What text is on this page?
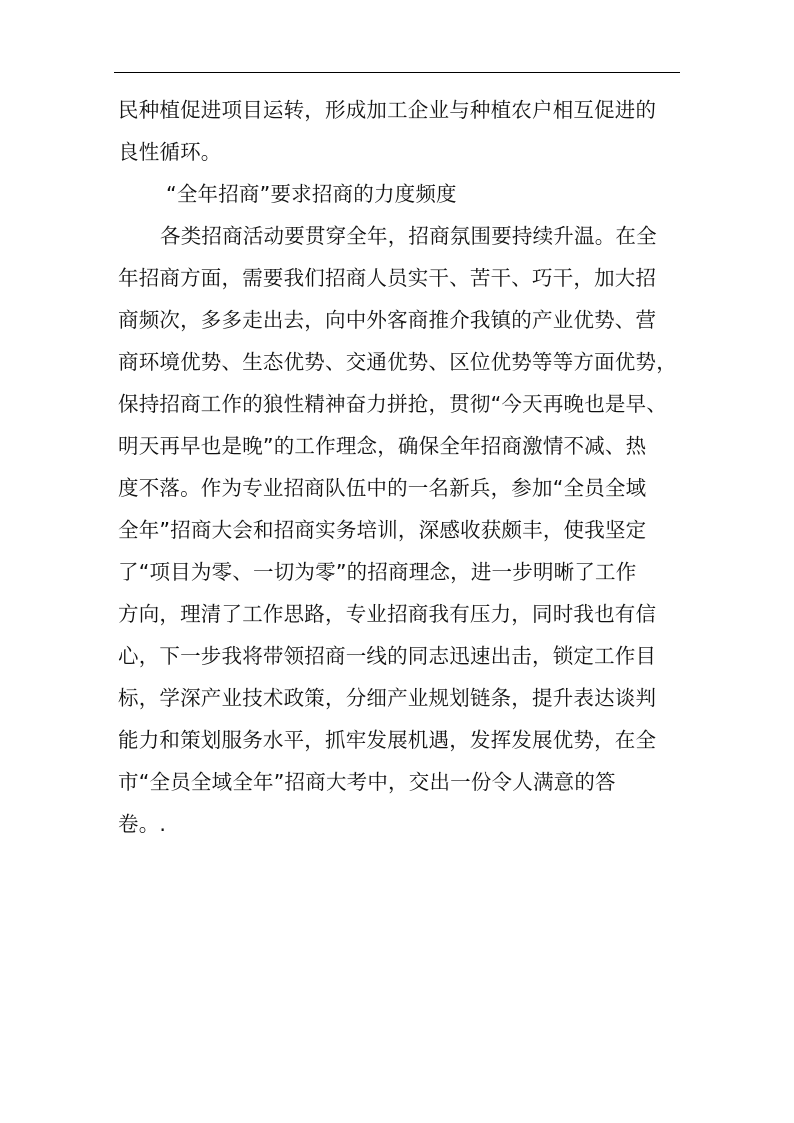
民种植促进项目运转，形成加工企业与种植农户相互促进的
良性循环。
“全年招商”要求招商的力度频度
各类招商活动要贯穿全年，招商氛围要持续升温。在全
年招商方面，需要我们招商人员实干、苦干、巧干，加大招
商频次，多多走出去，向中外客商推介我镇的产业优势、营
商环境优势、生态优势、交通优势、区位优势等等方面优势，
保持招商工作的狼性精神奋力拼抢，贯彻“今天再晚也是早、
明天再早也是晚”的工作理念，确保全年招商激情不减、热
度不落。作为专业招商队伍中的一名新兵，参加“全员全域
全年”招商大会和招商实务培训，深感收获颇丰，使我坚定
了“项目为零、一切为零”的招商理念，进一步明晰了工作
方向，理清了工作思路，专业招商我有压力，同时我也有信
心，下一步我将带领招商一线的同志迅速出击，锁定工作目
标，学深产业技术政策，分细产业规划链条，提升表达谈判
能力和策划服务水平，抓牢发展机遇，发挥发展优势，在全
市“全员全域全年”招商大考中，交出一份令人满意的答
卷。.
